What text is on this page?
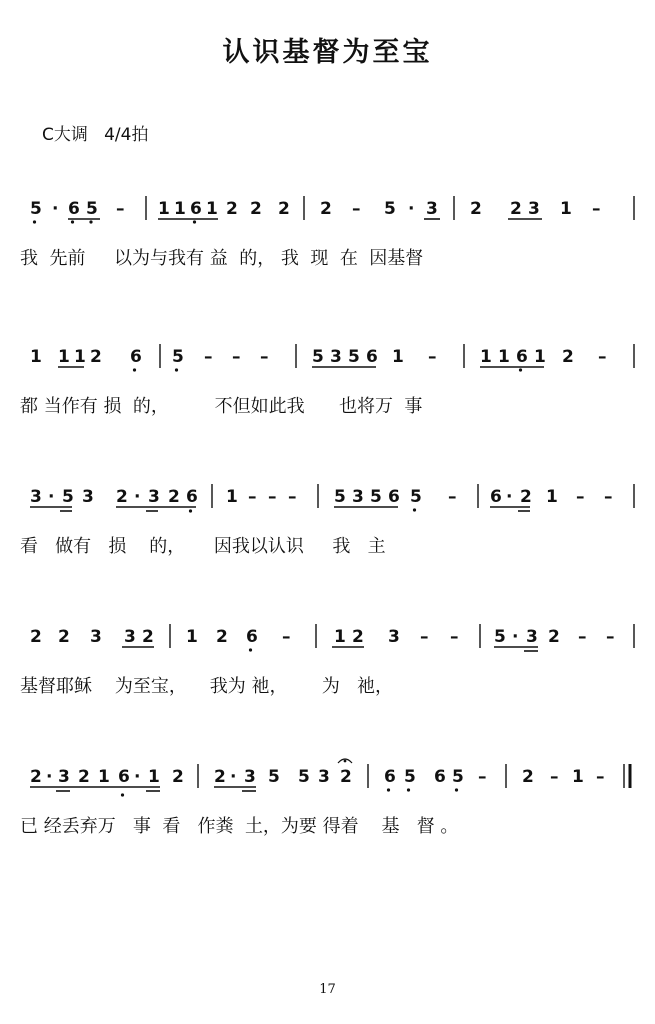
认识基督为至宝
C大调   4/4拍
5 · 6 5 – 1 1 6 1 2 2 2 2 – 5 · 3 2 2 3 1 –
我  先前     以为与我有 益  的， 我  现  在  因基督
1 1 1 2 6 5 – – –	5 3 5 6 1 –	1 1 6 1 2 –
都 当作有 损  的，        不但如此我      也将万  事
3 · 5 3 2 · 3 2 6 1 – – – 5 3 5 6 5 – 6 · 2 1 – –
看   做有   损    的，     因我以认识     我   主
2 2 3 3 2 1 2 6 –	1 2 3 – – 5 · 3 2 – –
基督耶稣    为至宝，    我为 祂，      为   祂，
2 · 3 2 1 6 · 1 2 2 · 3 5 5 3 2 6 5 6 5 – 2 – 1 –
已 经丢弃万   事  看   作粪  土，为要 得着    基   督 。
17
